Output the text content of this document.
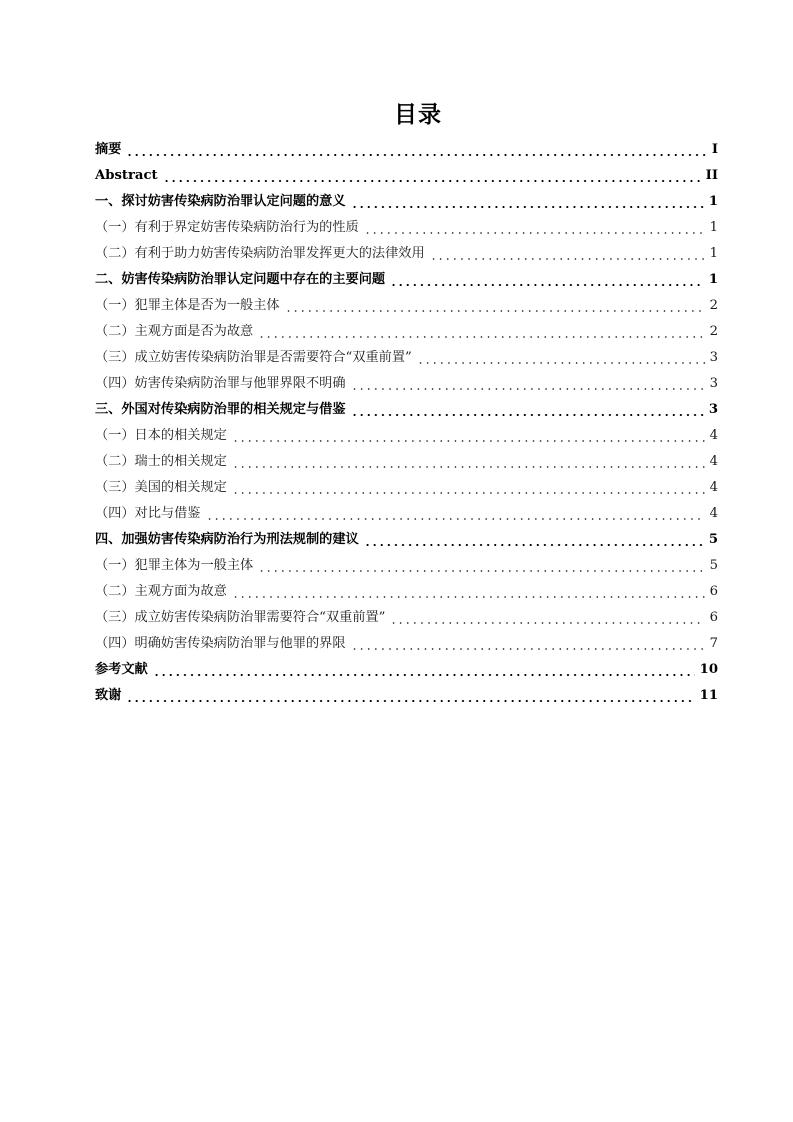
目录
摘要	I
Abstract	II
一、探讨妨害传染病防治罪认定问题的意义	1
（一）有利于界定妨害传染病防治行为的性质	1
（二）有利于助力妨害传染病防治罪发挥更大的法律效用	1
二、妨害传染病防治罪认定问题中存在的主要问题	1
（一）犯罪主体是否为一般主体	2
（二）主观方面是否为故意	2
（三）成立妨害传染病防治罪是否需要符合“双重前置”	3
（四）妨害传染病防治罪与他罪界限不明确	3
三、外国对传染病防治罪的相关规定与借鉴	3
（一）日本的相关规定	4
（二）瑞士的相关规定	4
（三）美国的相关规定	4
（四）对比与借鉴	4
四、加强妨害传染病防治行为刑法规制的建议	5
（一）犯罪主体为一般主体	5
（二）主观方面为故意	6
（三）成立妨害传染病防治罪需要符合“双重前置”	6
（四）明确妨害传染病防治罪与他罪的界限	7
参考文献	10
致谢	11
